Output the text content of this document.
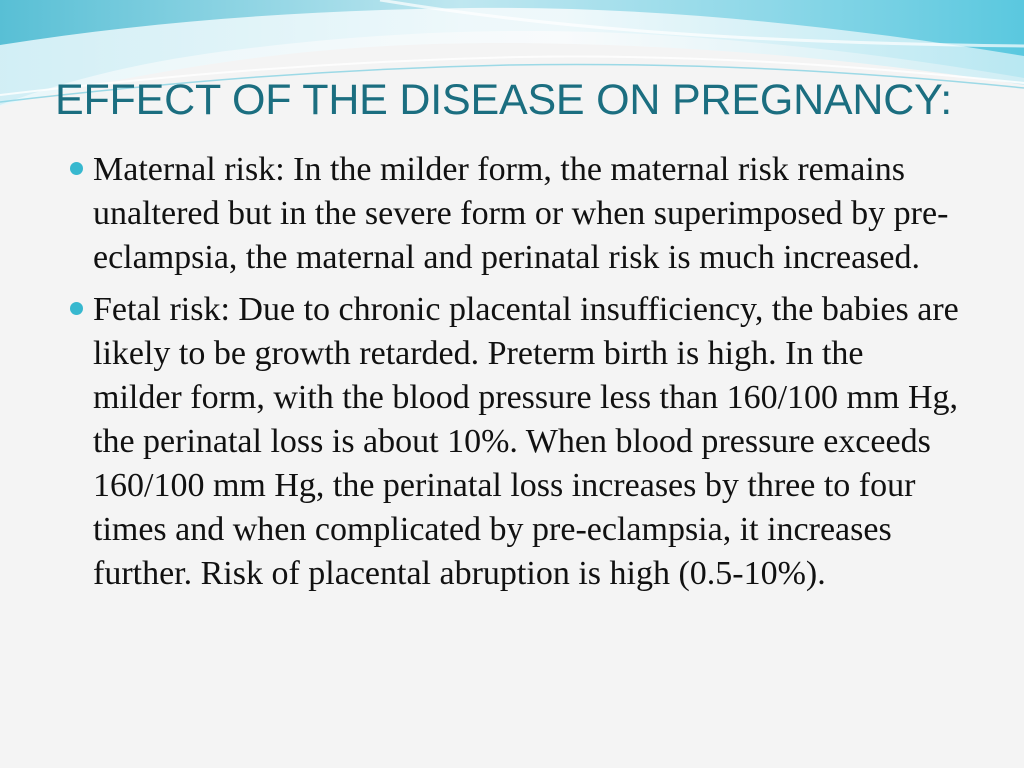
EFFECT OF THE DISEASE ON PREGNANCY:
Maternal risk: In the milder form, the maternal risk remains unaltered but in the severe form or when superimposed by pre-eclampsia, the maternal and perinatal risk is much increased.
Fetal risk: Due to chronic placental insufficiency, the babies are likely to be growth retarded. Preterm birth is high. In the milder form, with the blood pressure less than 160/100 mm Hg, the perinatal loss is about 10%. When blood pressure exceeds 160/100 mm Hg, the perinatal loss increases by three to four times and when complicated by pre-eclampsia, it increases further. Risk of placental abruption is high (0.5-10%).
